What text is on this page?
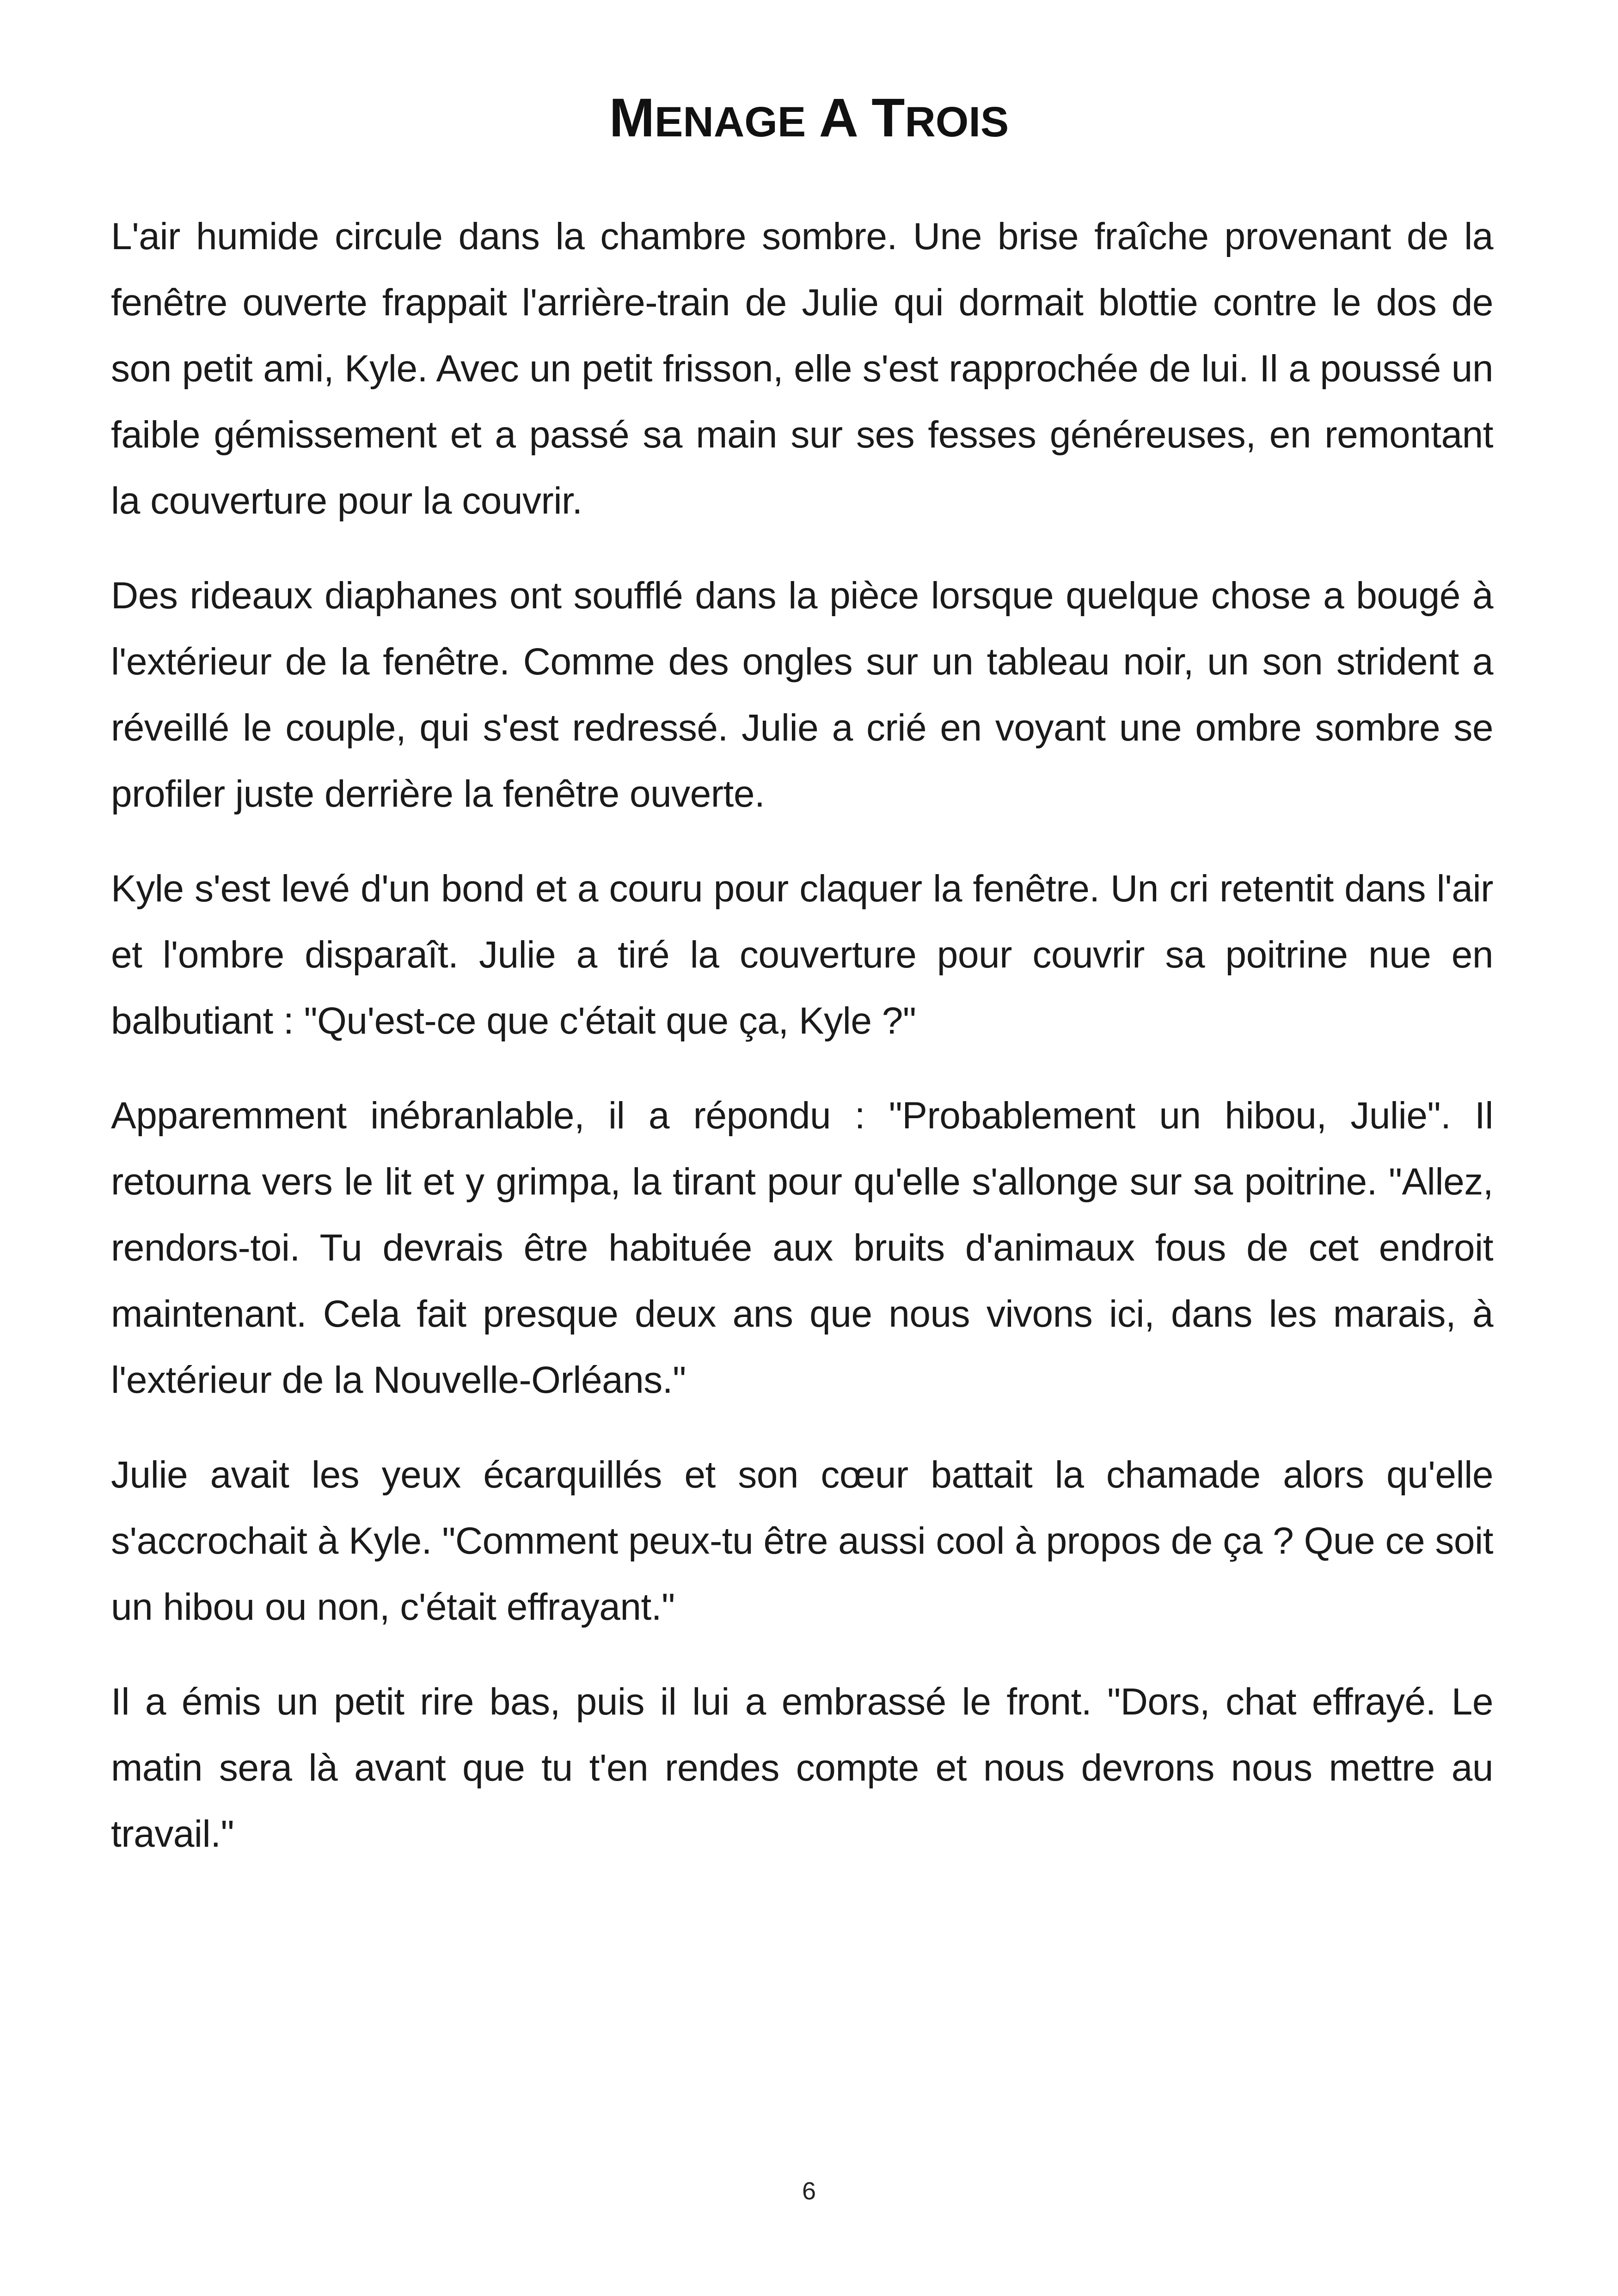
MENAGE A TROIS

L'air humide circule dans la chambre sombre. Une brise fraîche provenant de la fenêtre ouverte frappait l'arrière-train de Julie qui dormait blottie contre le dos de son petit ami, Kyle. Avec un petit frisson, elle s'est rapprochée de lui. Il a poussé un faible gémissement et a passé sa main sur ses fesses généreuses, en remontant la couverture pour la couvrir.

Des rideaux diaphanes ont soufflé dans la pièce lorsque quelque chose a bougé à l'extérieur de la fenêtre. Comme des ongles sur un tableau noir, un son strident a réveillé le couple, qui s'est redressé. Julie a crié en voyant une ombre sombre se profiler juste derrière la fenêtre ouverte.

Kyle s'est levé d'un bond et a couru pour claquer la fenêtre. Un cri retentit dans l'air et l'ombre disparaît. Julie a tiré la couverture pour couvrir sa poitrine nue en balbutiant : "Qu'est-ce que c'était que ça, Kyle ?"

Apparemment inébranlable, il a répondu : "Probablement un hibou, Julie". Il retourna vers le lit et y grimpa, la tirant pour qu'elle s'allonge sur sa poitrine. "Allez, rendors-toi. Tu devrais être habituée aux bruits d'animaux fous de cet endroit maintenant. Cela fait presque deux ans que nous vivons ici, dans les marais, à l'extérieur de la Nouvelle-Orléans."

Julie avait les yeux écarquillés et son cœur battait la chamade alors qu'elle s'accrochait à Kyle. "Comment peux-tu être aussi cool à propos de ça ? Que ce soit un hibou ou non, c'était effrayant."

Il a émis un petit rire bas, puis il lui a embrassé le front. "Dors, chat effrayé. Le matin sera là avant que tu t'en rendes compte et nous devrons nous mettre au travail."

6
